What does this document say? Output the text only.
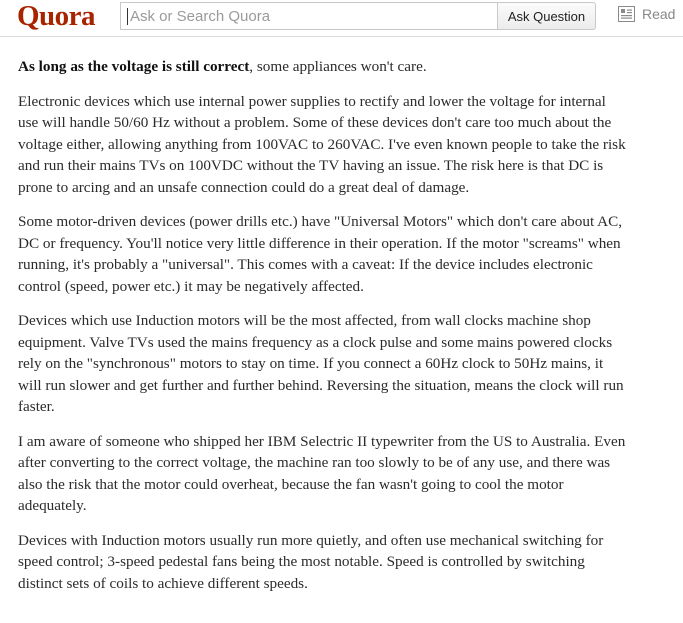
Quora Ask or Search Quora	Ask Question	Read

As long as the voltage is still correct, some appliances won't care.

Electronic devices which use internal power supplies to rectify and lower the voltage for internal use will handle 50/60 Hz without a problem. Some of these devices don't care too much about the voltage either, allowing anything from 100VAC to 260VAC. I've even known people to take the risk and run their mains TVs on 100VDC without the TV having an issue. The risk here is that DC is prone to arcing and an unsafe connection could do a great deal of damage.

Some motor-driven devices (power drills etc.) have "Universal Motors" which don't care about AC, DC or frequency. You'll notice very little difference in their operation. If the motor "screams" when running, it's probably a "universal". This comes with a caveat: If the device includes electronic control (speed, power etc.) it may be negatively affected.

Devices which use Induction motors will be the most affected, from wall clocks machine shop equipment. Valve TVs used the mains frequency as a clock pulse and some mains powered clocks rely on the "synchronous" motors to stay on time. If you connect a 60Hz clock to 50Hz mains, it will run slower and get further and further behind. Reversing the situation, means the clock will run faster.

I am aware of someone who shipped her IBM Selectric II typewriter from the US to Australia. Even after converting to the correct voltage, the machine ran too slowly to be of any use, and there was also the risk that the motor could overheat, because the fan wasn't going to cool the motor adequately.

Devices with Induction motors usually run more quietly, and often use mechanical switching for speed control; 3-speed pedestal fans being the most notable. Speed is controlled by switching distinct sets of coils to achieve different speeds.
